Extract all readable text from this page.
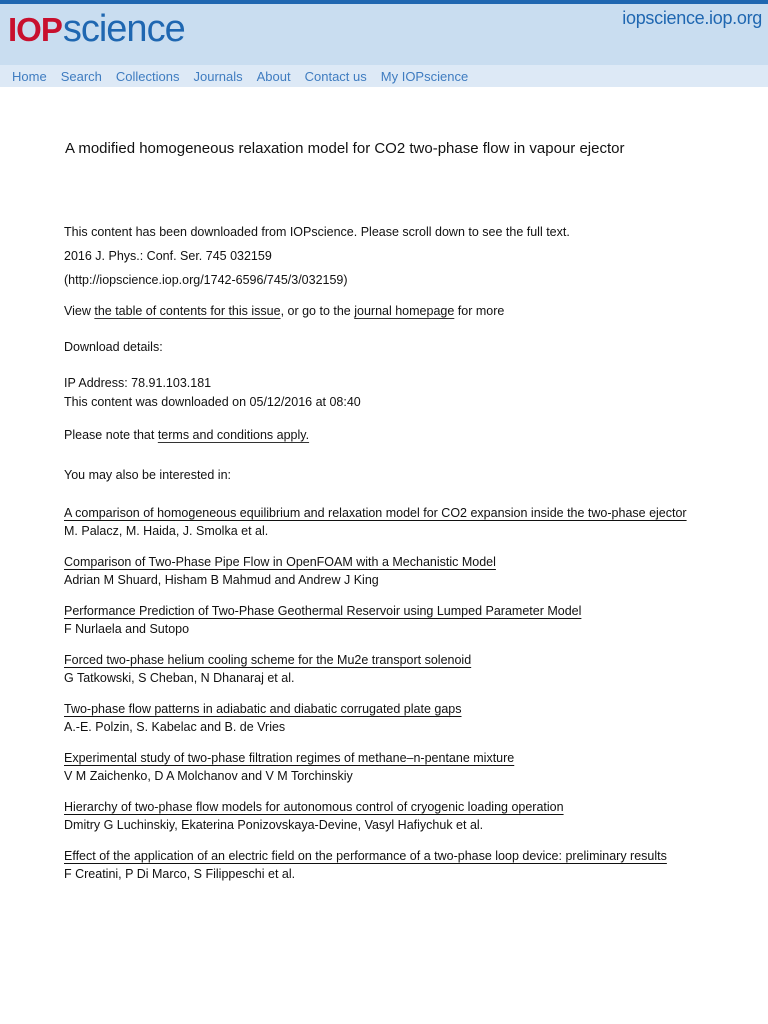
IOP science	iopscience.iop.org
Home Search Collections Journals About Contact us My IOPscience
A modified homogeneous relaxation model for CO2 two-phase flow in vapour ejector

This content has been downloaded from IOPscience. Please scroll down to see the full text.

2016 J. Phys.: Conf. Ser. 745 032159

(http://iopscience.iop.org/1742-6596/745/3/032159)

View the table of contents for this issue, or go to the journal homepage for more

Download details:

IP Address: 78.91.103.181

This content was downloaded on 05/12/2016 at 08:40

Please note that terms and conditions apply.

You may also be interested in:

A comparison of homogeneous equilibrium and relaxation model for CO2 expansion inside the two-phase ejector

M. Palacz, M. Haida, J. Smolka et al.

Comparison of Two-Phase Pipe Flow in OpenFOAM with a Mechanistic Model

Adrian M Shuard, Hisham B Mahmud and Andrew J King

Performance Prediction of Two-Phase Geothermal Reservoir using Lumped Parameter Model

F Nurlaela and Sutopo

Forced two-phase helium cooling scheme for the Mu2e transport solenoid

G Tatkowski, S Cheban, N Dhanaraj et al.

Two-phase flow patterns in adiabatic and diabatic corrugated plate gaps

A.-E. Polzin, S. Kabelac and B. de Vries

Experimental study of two-phase filtration regimes of methane–n-pentane mixture

V M Zaichenko, D A Molchanov and V M Torchinskiy

Hierarchy of two-phase flow models for autonomous control of cryogenic loading operation

Dmitry G Luchinskiy, Ekaterina Ponizovskaya-Devine, Vasyl Hafiychuk et al.

Effect of the application of an electric field on the performance of a two-phase loop device: preliminary results

F Creatini, P Di Marco, S Filippeschi et al.
